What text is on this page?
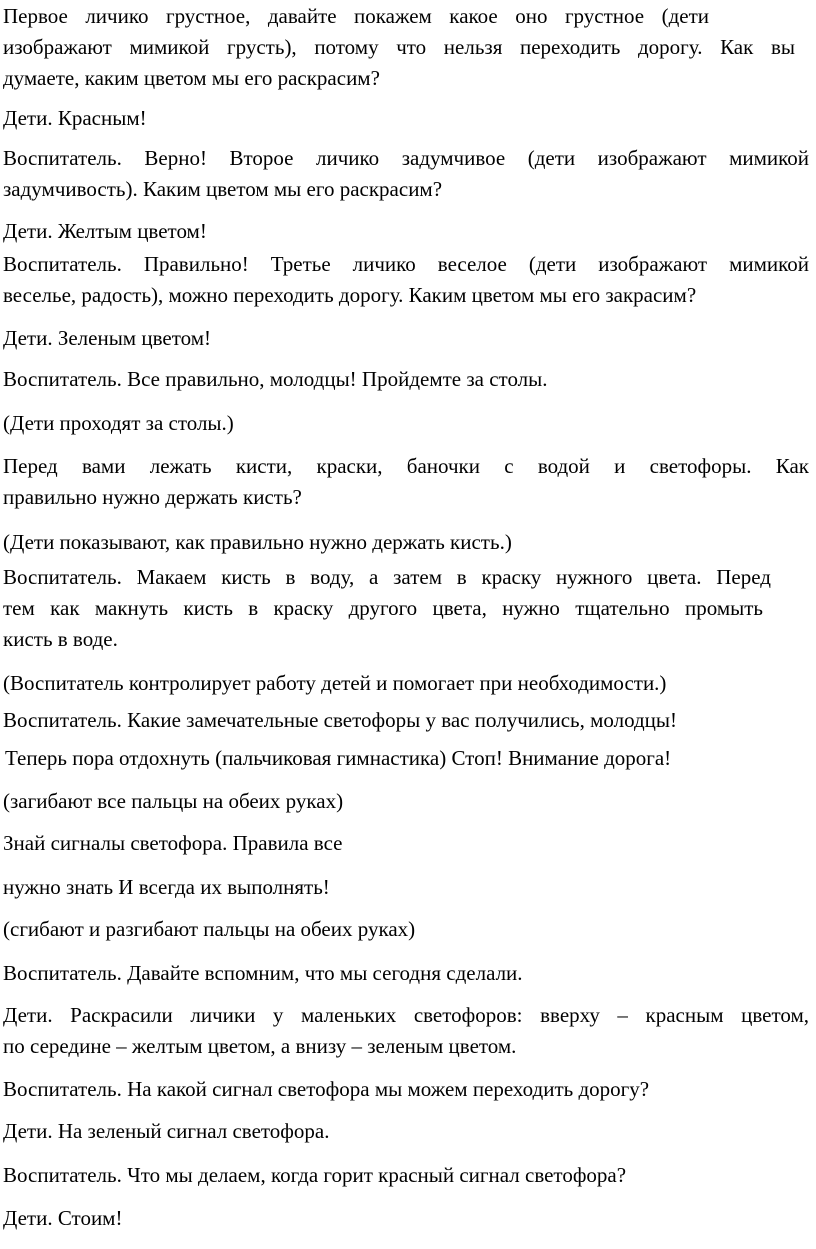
Первое личико грустное, давайте покажем какое оно грустное (дети
изображают мимикой грусть), потому что нельзя переходить дорогу. Как вы
думаете, каким цветом мы его раскрасим?
Дети. Красным!
Воспитатель. Верно! Второе личико задумчивое (дети изображают мимикой
задумчивость). Каким цветом мы его раскрасим?
Дети. Желтым цветом!
Воспитатель. Правильно! Третье личико веселое (дети изображают мимикой
веселье, радость), можно переходить дорогу. Каким цветом мы его закрасим?
Дети. Зеленым цветом!
Воспитатель. Все правильно, молодцы! Пройдемте за столы.
(Дети проходят за столы.)
Перед вами лежать кисти, краски, баночки с водой и светофоры. Как
правильно нужно держать кисть?
(Дети показывают, как правильно нужно держать кисть.)
Воспитатель. Макаем кисть в воду, а затем в краску нужного цвета. Перед
тем как макнуть кисть в краску другого цвета, нужно тщательно промыть
кисть в воде.
(Воспитатель контролирует работу детей и помогает при необходимости.)
Воспитатель. Какие замечательные светофоры у вас получились, молодцы!
Теперь пора отдохнуть (пальчиковая гимнастика) Стоп! Внимание дорога!
(загибают все пальцы на обеих руках)
Знай сигналы светофора. Правила все
нужно знать И всегда их выполнять!
(сгибают и разгибают пальцы на обеих руках)
Воспитатель. Давайте вспомним, что мы сегодня сделали.
Дети. Раскрасили личики у маленьких светофоров: вверху – красным цветом,
по середине – желтым цветом, а внизу – зеленым цветом.
Воспитатель. На какой сигнал светофора мы можем переходить дорогу?
Дети. На зеленый сигнал светофора.
Воспитатель. Что мы делаем, когда горит красный сигнал светофора?
Дети. Стоим!
